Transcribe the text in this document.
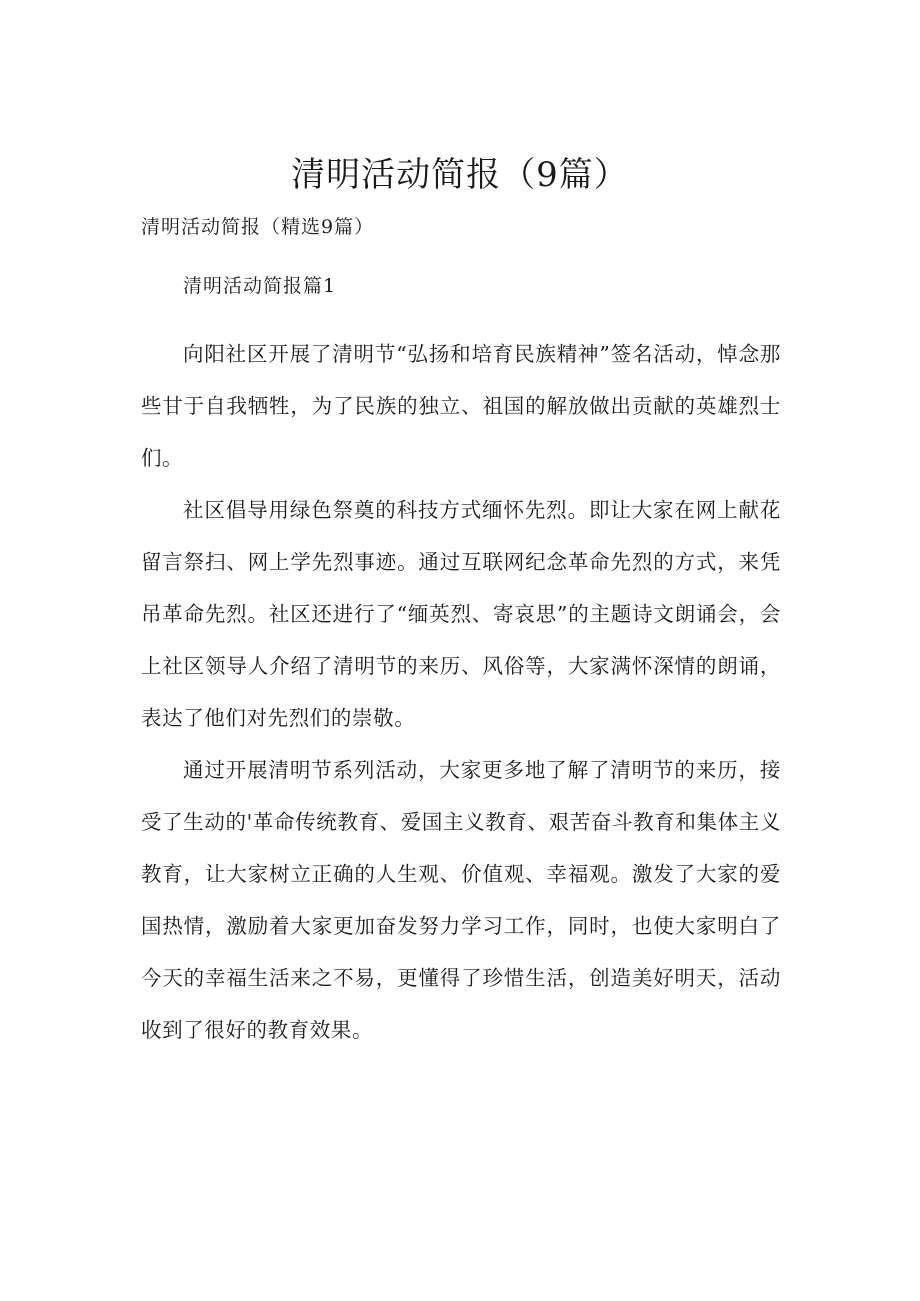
清明活动简报（9篇）

清明活动简报（精选9篇）

清明活动简报篇1

向阳社区开展了清明节“弘扬和培育民族精神”签名活动，悼念那些甘于自我牺牲，为了民族的独立、祖国的解放做出贡献的英雄烈士们。

社区倡导用绿色祭奠的科技方式缅怀先烈。即让大家在网上献花留言祭扫、网上学先烈事迹。通过互联网纪念革命先烈的方式，来凭吊革命先烈。社区还进行了“缅英烈、寄哀思”的主题诗文朗诵会，会上社区领导人介绍了清明节的来历、风俗等，大家满怀深情的朗诵，表达了他们对先烈们的崇敬。

通过开展清明节系列活动，大家更多地了解了清明节的来历，接受了生动的'革命传统教育、爱国主义教育、艰苦奋斗教育和集体主义教育，让大家树立正确的人生观、价值观、幸福观。激发了大家的爱国热情，激励着大家更加奋发努力学习工作，同时，也使大家明白了今天的幸福生活来之不易，更懂得了珍惜生活，创造美好明天，活动收到了很好的教育效果。
